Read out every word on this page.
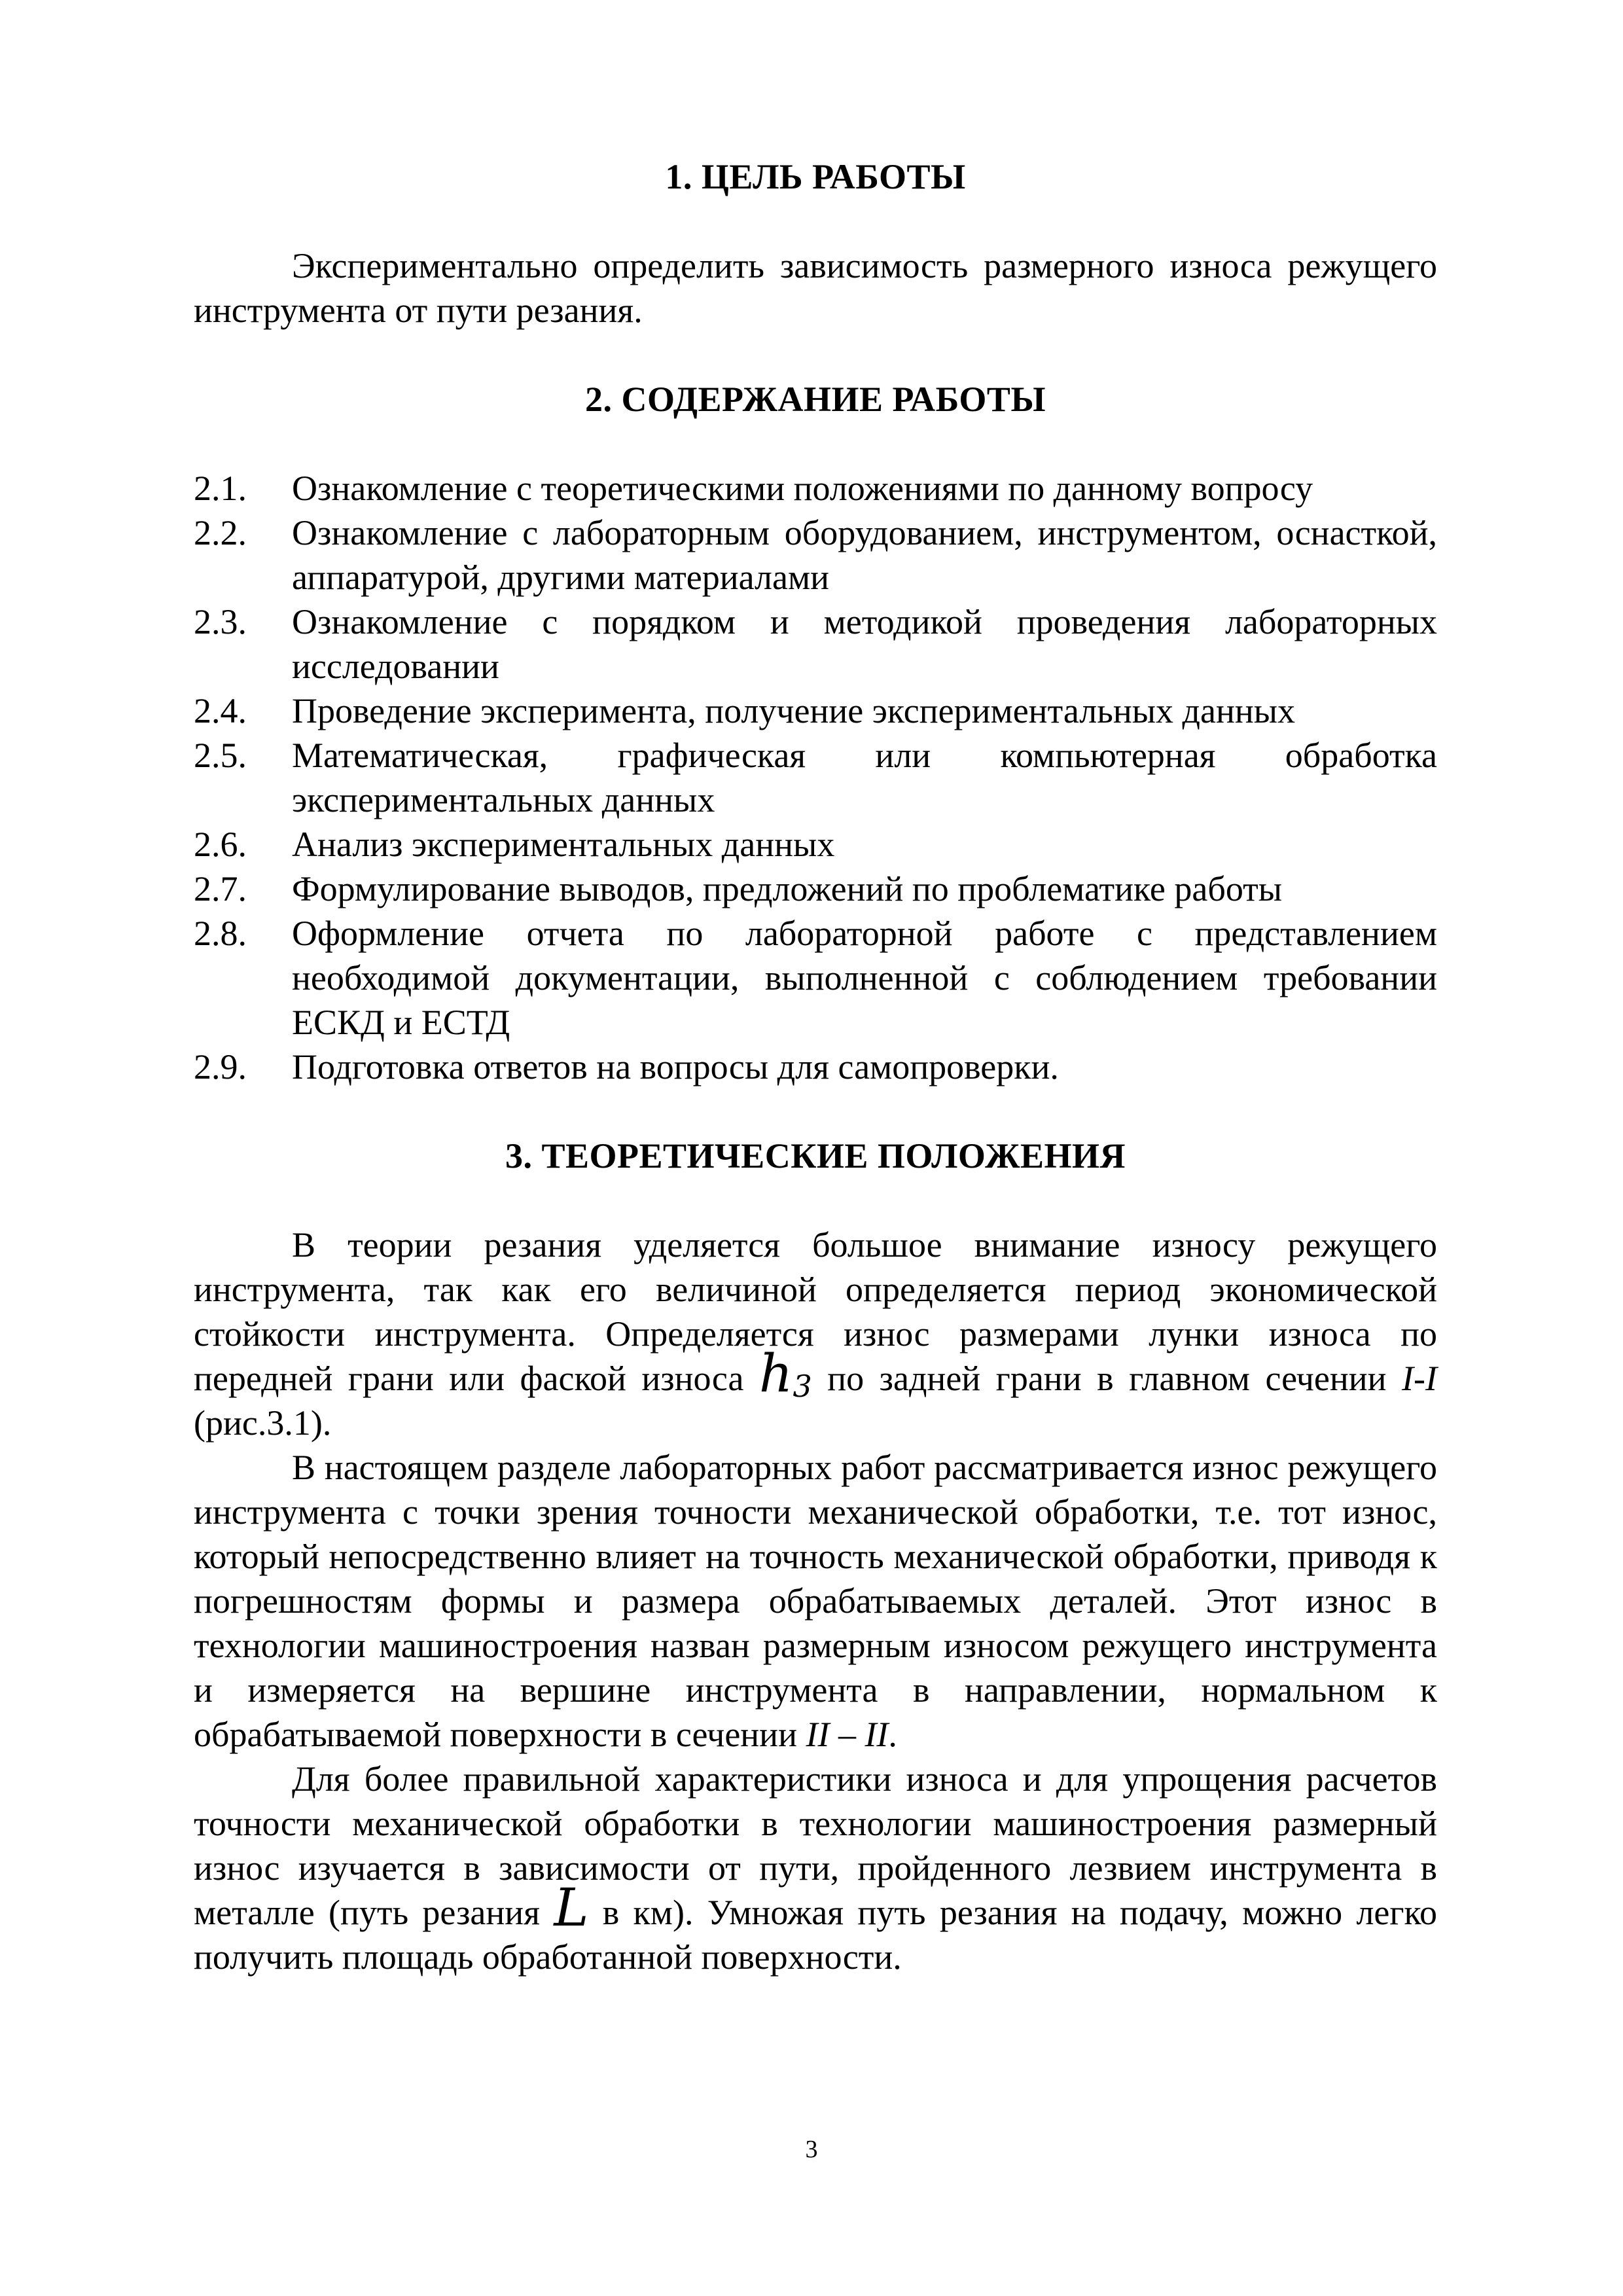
1. ЦЕЛЬ РАБОТЫ

Экспериментально определить зависимость размерного износа режущего инструмента от пути резания.

2. СОДЕРЖАНИЕ РАБОТЫ
2.1. Ознакомление с теоретическими положениями по данному вопросу
2.2. Ознакомление с лабораторным оборудованием, инструментом, оснасткой, аппаратурой, другими материалами
2.3. Ознакомление с порядком и методикой проведения лабораторных исследовании
2.4. Проведение эксперимента, получение экспериментальных данных
2.5. Математическая, графическая или компьютерная обработка экспериментальных данных
2.6. Анализ экспериментальных данных
2.7. Формулирование выводов, предложений по проблематике работы
2.8. Оформление отчета по лабораторной работе с представлением необходимой документации, выполненной с соблюдением требовании ЕСКД и ЕСТД
2.9. Подготовка ответов на вопросы для самопроверки.
3. ТЕОРЕТИЧЕСКИЕ ПОЛОЖЕНИЯ

В теории резания уделяется большое внимание износу режущего инструмента, так как его величиной определяется период экономической стойкости инструмента. Определяется износ размерами лунки износа по передней грани или фаской износа $h_3$ по задней грани в главном сечении I-I (рис.3.1).

В настоящем разделе лабораторных работ рассматривается износ режущего инструмента с точки зрения точности механической обработки, т.е. тот износ, который непосредственно влияет на точность механической обработки, приводя к погрешностям формы и размера обрабатываемых деталей. Этот износ в технологии машиностроения назван размерным износом режущего инструмента и измеряется на вершине инструмента в направлении, нормальном к обрабатываемой поверхности в сечении II – II.

Для более правильной характеристики износа и для упрощения расчетов точности механической обработки в технологии машиностроения размерный износ изучается в зависимости от пути, пройденного лезвием инструмента в металле (путь резания L в км). Умножая путь резания на подачу, можно легко получить площадь обработанной поверхности.

3
